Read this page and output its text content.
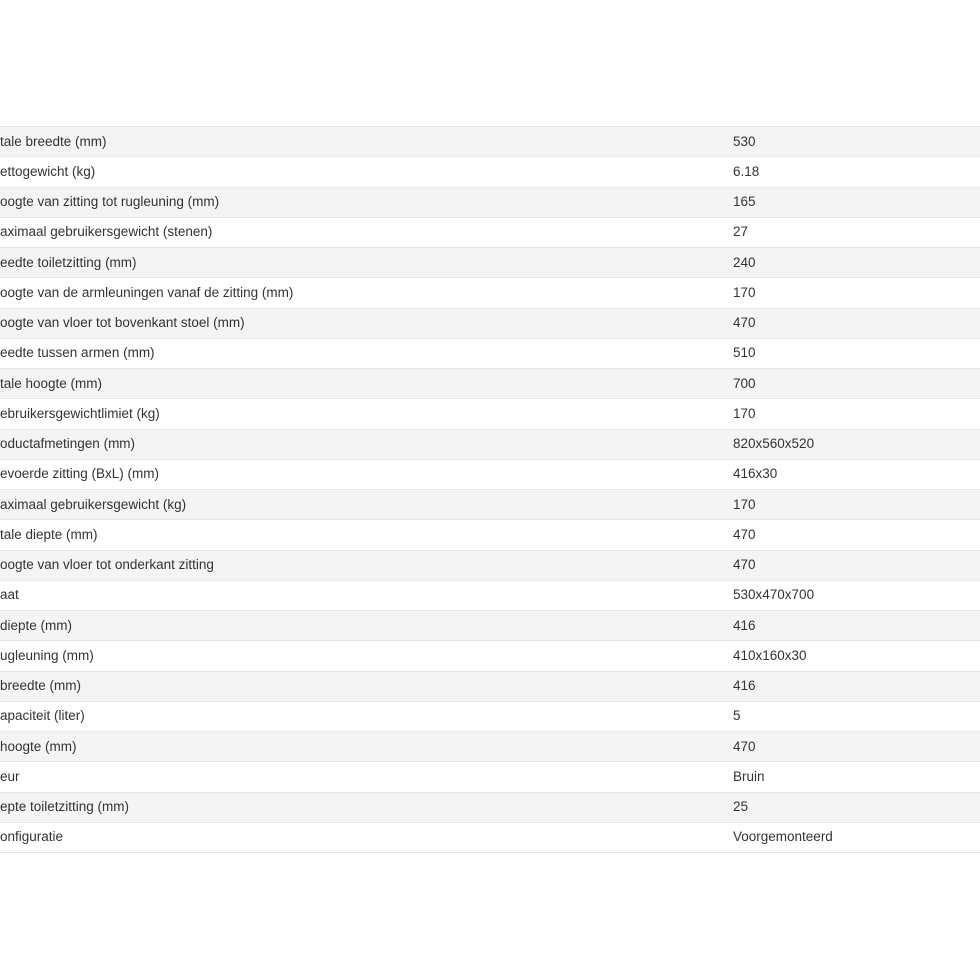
tale breedte (mm)	530
ettogewicht (kg)	6.18
oogte van zitting tot rugleuning (mm)	165
aximaal gebruikersgewicht (stenen)	27
eedte toiletzitting (mm)	240
oogte van de armleuningen vanaf de zitting (mm)	170
oogte van vloer tot bovenkant stoel (mm)	470
eedte tussen armen (mm)	510
tale hoogte (mm)	700
ebruikersgewichtlimiet (kg)	170
oductafmetingen (mm)	820x560x520
evoerde zitting (BxL) (mm)	416x30
aximaal gebruikersgewicht (kg)	170
tale diepte (mm)	470
oogte van vloer tot onderkant zitting	470
aat	530x470x700
diepte (mm)	416
ugleuning (mm)	410x160x30
breedte (mm)	416
apaciteit (liter)	5
hoogte (mm)	470
eur	Bruin
epte toiletzitting (mm)	25
onfiguratie	Voorgemonteerd
